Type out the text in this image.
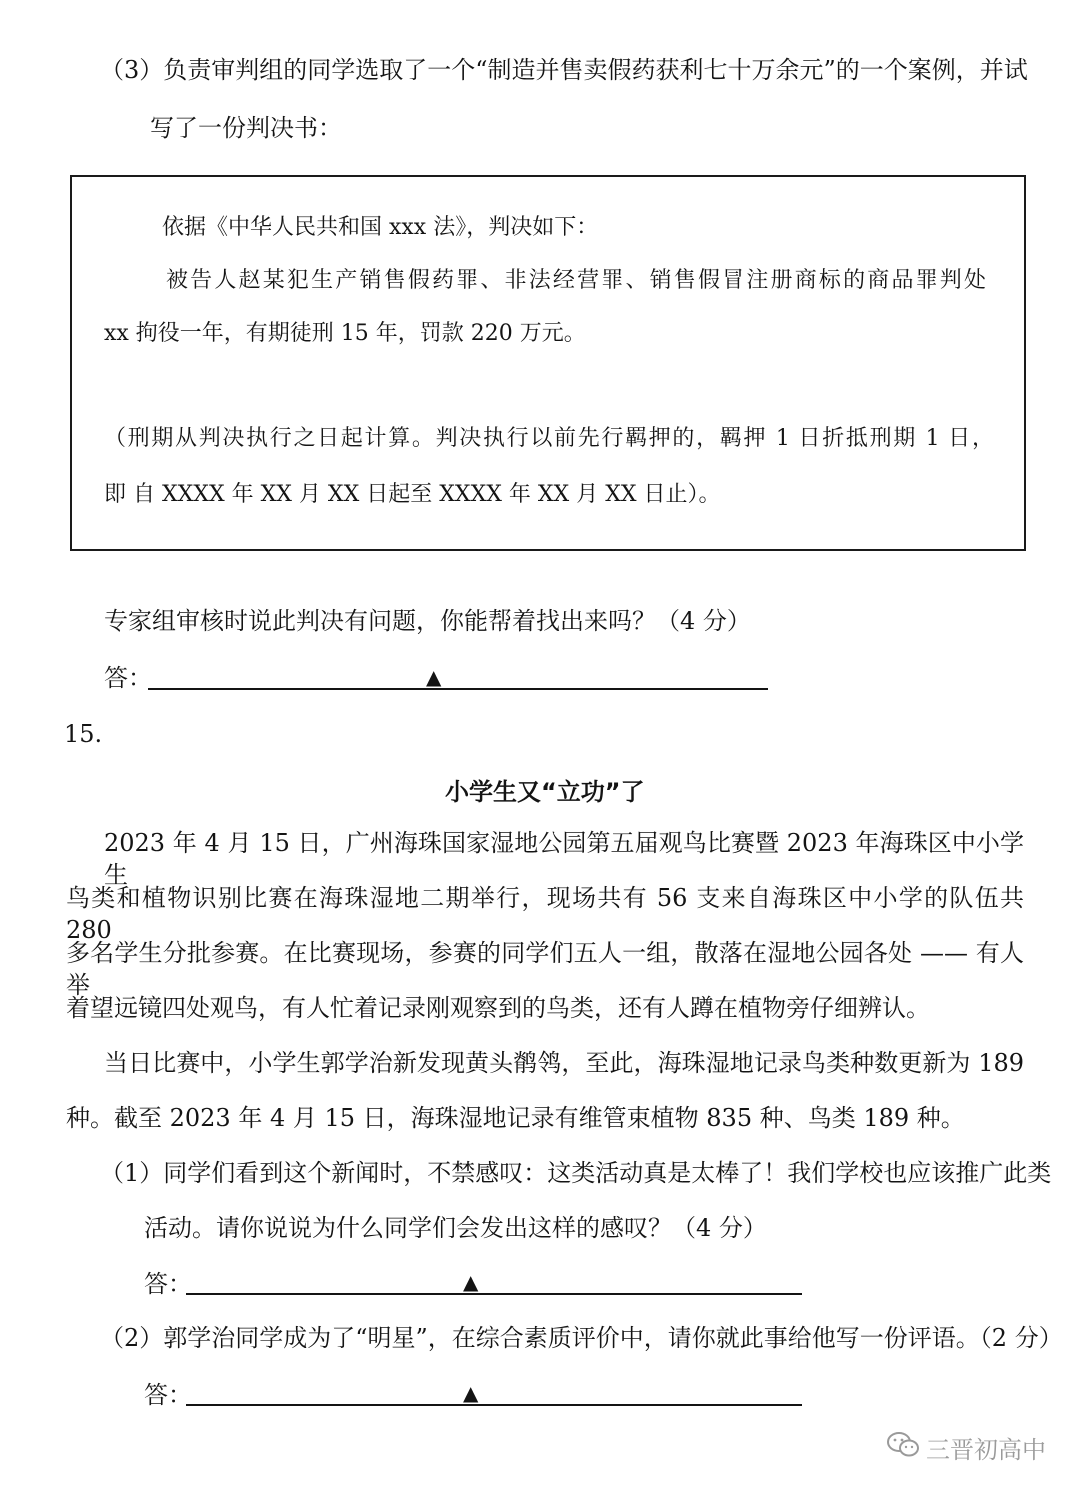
（3）负责审判组的同学选取了一个“制造并售卖假药获利七十万余元”的一个案例，并试
写了一份判决书：
依据《中华人民共和国 xxx 法》，判决如下：
被告人赵某犯生产销售假药罪、非法经营罪、销售假冒注册商标的商品罪判处
xx 拘役一年，有期徒刑 15 年，罚款 220 万元。
（刑期从判决执行之日起计算。判决执行以前先行羁押的，羁押 1 日折抵刑期 1 日，
即 自 XXXX 年 XX 月 XX 日起至 XXXX 年 XX 月 XX 日止）。
专家组审核时说此判决有问题，你能帮着找出来吗？（4 分）
答：	▲
15.
小学生又“立功”了
2023 年 4 月 15 日，广州海珠国家湿地公园第五届观鸟比赛暨 2023 年海珠区中小学生
鸟类和植物识别比赛在海珠湿地二期举行，现场共有 56 支来自海珠区中小学的队伍共 280
多名学生分批参赛。在比赛现场，参赛的同学们五人一组，散落在湿地公园各处 —— 有人举
着望远镜四处观鸟，有人忙着记录刚观察到的鸟类，还有人蹲在植物旁仔细辨认。
当日比赛中，小学生郭学治新发现黄头鹡鸰，至此，海珠湿地记录鸟类种数更新为 189
种。截至 2023 年 4 月 15 日，海珠湿地记录有维管束植物 835 种、鸟类 189 种。
（1）同学们看到这个新闻时，不禁感叹：这类活动真是太棒了！我们学校也应该推广此类
活动。请你说说为什么同学们会发出这样的感叹？（4 分）
答：	▲
（2）郭学治同学成为了“明星”，在综合素质评价中，请你就此事给他写一份评语。（2 分）
答：	▲
三晋初高中
